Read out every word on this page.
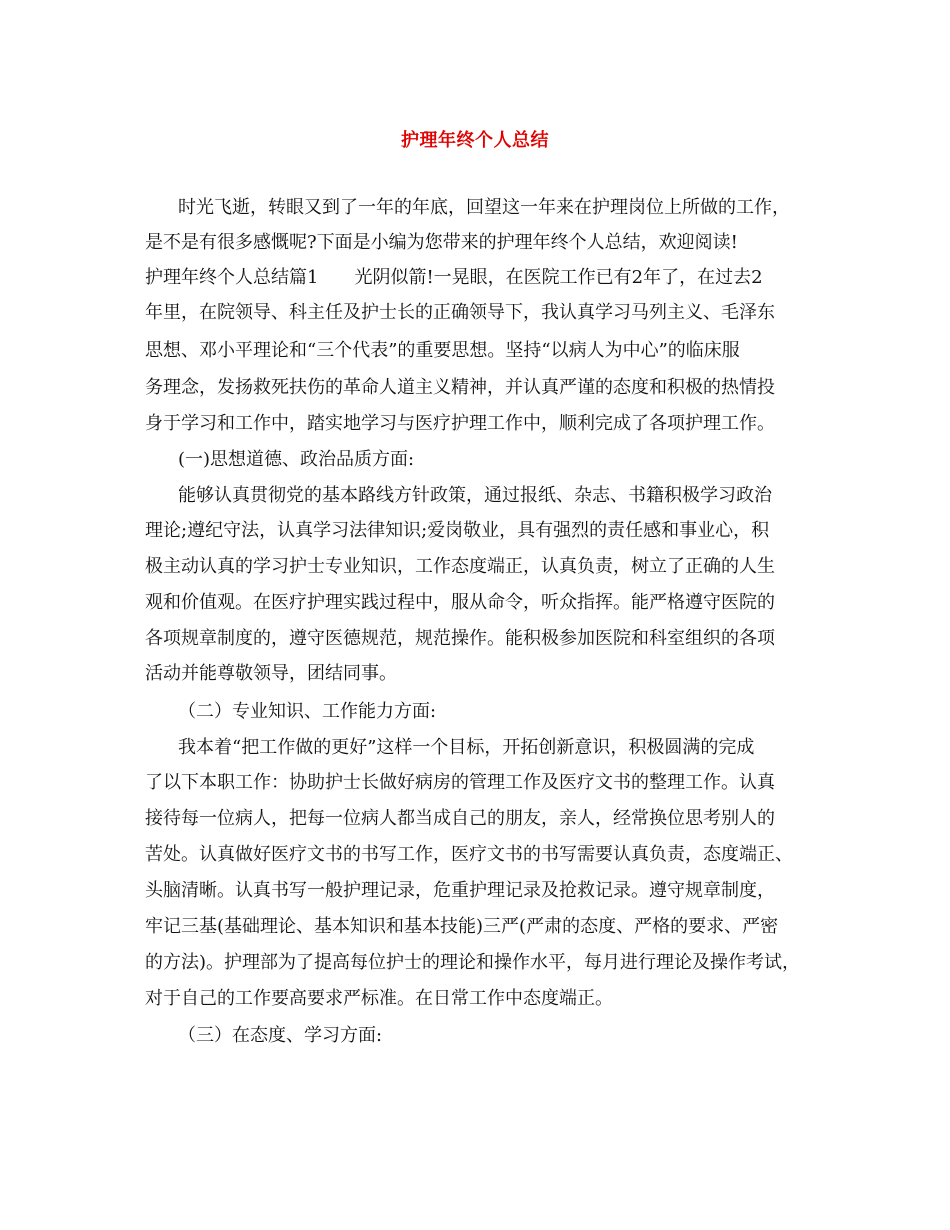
护理年终个人总结
时光飞逝，转眼又到了一年的年底，回望这一年来在护理岗位上所做的工作，
是不是有很多感慨呢?下面是小编为您带来的护理年终个人总结，欢迎阅读!
护理年终个人总结篇1　　光阴似箭!一晃眼，在医院工作已有2年了，在过去2
年里，在院领导、科主任及护士长的正确领导下，我认真学习马列主义、毛泽东
思想、邓小平理论和“三个代表”的重要思想。坚持“以病人为中心”的临床服
务理念，发扬救死扶伤的革命人道主义精神，并认真严谨的态度和积极的热情投
身于学习和工作中，踏实地学习与医疗护理工作中，顺利完成了各项护理工作。
(一)思想道德、政治品质方面:
能够认真贯彻党的基本路线方针政策，通过报纸、杂志、书籍积极学习政治
理论;遵纪守法，认真学习法律知识;爱岗敬业，具有强烈的责任感和事业心，积
极主动认真的学习护士专业知识，工作态度端正，认真负责，树立了正确的人生
观和价值观。在医疗护理实践过程中，服从命令，听众指挥。能严格遵守医院的
各项规章制度的，遵守医德规范，规范操作。能积极参加医院和科室组织的各项
活动并能尊敬领导，团结同事。
（二）专业知识、工作能力方面:
我本着“把工作做的更好”这样一个目标，开拓创新意识，积极圆满的完成
了以下本职工作：协助护士长做好病房的管理工作及医疗文书的整理工作。认真
接待每一位病人，把每一位病人都当成自己的朋友，亲人，经常换位思考别人的
苦处。认真做好医疗文书的书写工作，医疗文书的书写需要认真负责，态度端正、
头脑清晰。认真书写一般护理记录，危重护理记录及抢救记录。遵守规章制度，
牢记三基(基础理论、基本知识和基本技能)三严(严肃的态度、严格的要求、严密
的方法)。护理部为了提高每位护士的理论和操作水平，每月进行理论及操作考试，
对于自己的工作要高要求严标准。在日常工作中态度端正。
（三）在态度、学习方面:
